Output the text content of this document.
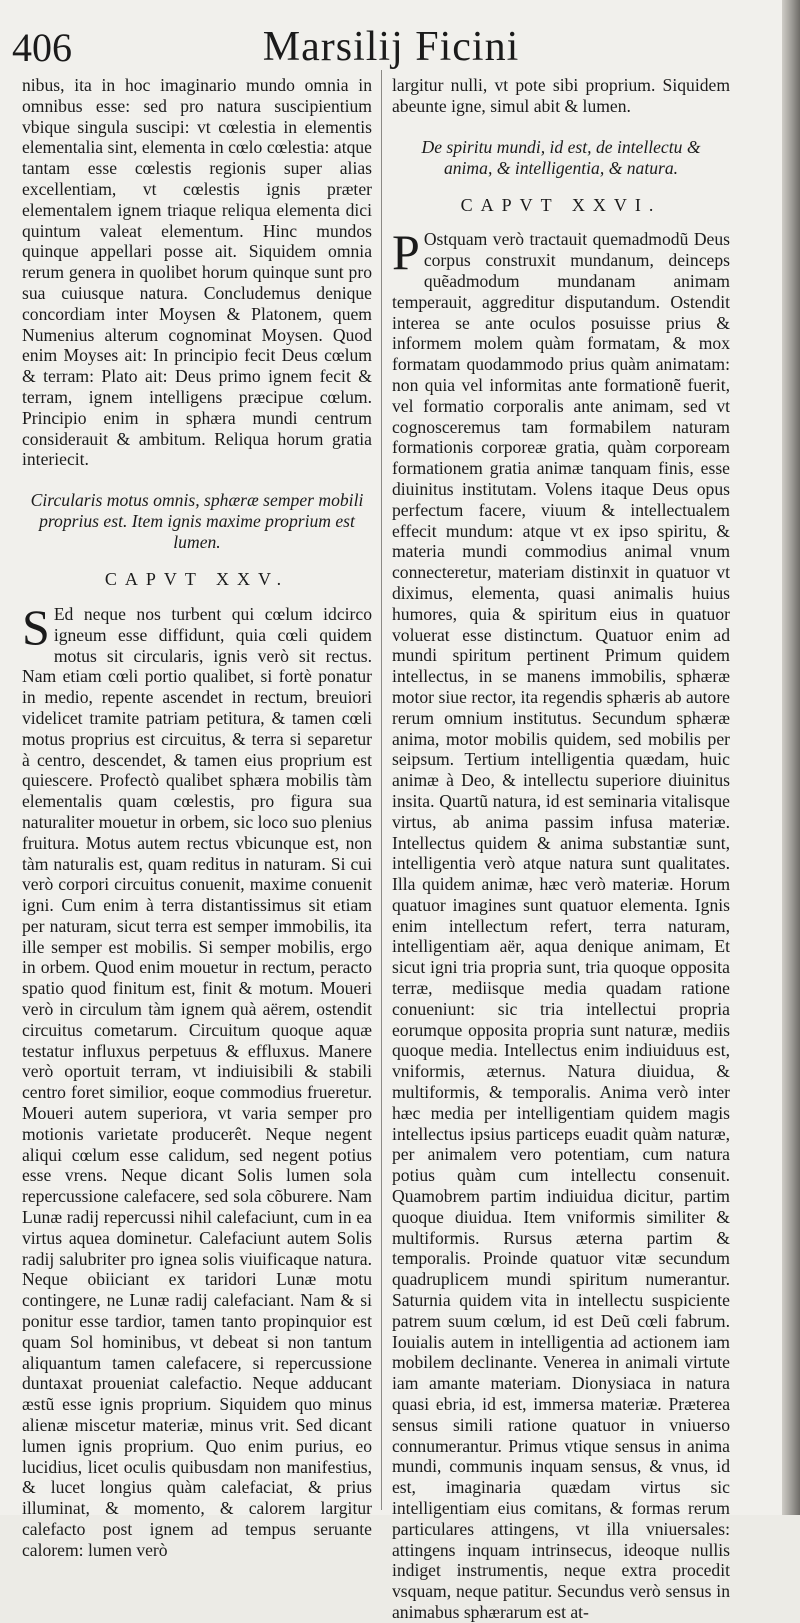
406	Marsilij Ficini

nibus, ita in hoc imaginario mundo omnia in omnibus esse: sed pro natura suscipientium vbique singula suscipi: vt cœlestia in elementis elementalia sint, elementa in cœlo cœlestia: atque tantam esse cœlestis regionis super alias excellentiam, vt cœlestis ignis præter elementalem ignem triaque reliqua elementa dici quintum valeat elementum. Hinc mundos quinque appellari posse ait. Siquidem omnia rerum genera in quolibet horum quinque sunt pro sua cuiusque natura. Concludemus denique concordiam inter Moysen & Platonem, quem Numenius alterum cognominat Moysen. Quod enim Moyses ait: In principio fecit Deus cœlum & terram: Plato ait: Deus primo ignem fecit & terram, ignem intelligens præcipue cœlum. Principio enim in sphæra mundi centrum considerauit & ambitum. Reliqua horum gratia interiecit.

Circularis motus omnis, sphæræ semper mobili proprius est. Item ignis maxime proprium est lumen.

CAPVT XXV.

S Ed neque nos turbent qui cœlum idcirco igneum esse diffidunt, quia cœli quidem motus sit circularis, ignis verò sit rectus. Nam etiam cœli portio qualibet, si fortè ponatur in medio, repente ascendet in rectum, breuiori videlicet tramite patriam petitura, & tamen cœli motus proprius est circuitus, & terra si separetur à centro, descendet, & tamen eius proprium est quiescere. Profectò qualibet sphæra mobilis tàm elementalis quam cœlestis, pro figura sua naturaliter mouetur in orbem, sic loco suo plenius fruitura. Motus autem rectus vbicunque est, non tàm naturalis est, quam reditus in naturam. Si cui verò corpori circuitus conuenit, maxime conuenit igni. Cum enim à terra distantissimus sit etiam per naturam, sicut terra est semper immobilis, ita ille semper est mobilis. Si semper mobilis, ergo in orbem. Quod enim mouetur in rectum, peracto spatio quod finitum est, finit & motum. Moueri verò in circulum tàm ignem quà aërem, ostendit circuitus cometarum. Circuitum quoque aquæ testatur influxus perpetuus & effluxus. Manere verò oportuit terram, vt indiuisibili & stabili centro foret similior, eoque commodius frueretur. Moueri autem superiora, vt varia semper pro motionis varietate producerêt. Neque negent aliqui cœlum esse calidum, sed negent potius esse vrens. Neque dicant Solis lumen sola repercussione calefacere, sed sola cõburere. Nam Lunæ radij repercussi nihil calefaciunt, cum in ea virtus aquea dominetur. Calefaciunt autem Solis radij salubriter pro ignea solis viuificaque natura. Neque obiiciant ex taridori Lunæ motu contingere, ne Lunæ radij calefaciant. Nam & si ponitur esse tardior, tamen tanto propinquior est quam Sol hominibus, vt debeat si non tantum aliquantum tamen calefacere, si repercussione duntaxat proueniat calefactio. Neque adducant æstũ esse ignis proprium. Siquidem quo minus alienæ miscetur materiæ, minus vrit. Sed dicant lumen ignis proprium. Quo enim purius, eo lucidius, licet oculis quibusdam non manifestius, & lucet longius quàm calefaciat, & prius illuminat, & momento, & calorem largitur calefacto post ignem ad tempus seruante calorem: lumen verò

largitur nulli, vt pote sibi proprium. Siquidem abeunte igne, simul abit & lumen.

De spiritu mundi, id est, de intellectu & anima, & intelligentia, & natura.

CAPVT XXVI.

P Ostquam verò tractauit quemadmodũ Deus corpus construxit mundanum, deinceps quẽadmodum mundanam animam temperauit, aggreditur disputandum. Ostendit interea se ante oculos posuisse prius & informem molem quàm formatam, & mox formatam quodammodo prius quàm animatam: non quia vel informitas ante formationẽ fuerit, vel formatio corporalis ante animam, sed vt cognosceremus tam formabilem naturam formationis corporeæ gratia, quàm corpoream formationem gratia animæ tanquam finis, esse diuinitus institutam. Volens itaque Deus opus perfectum facere, viuum & intellectualem effecit mundum: atque vt ex ipso spiritu, & materia mundi commodius animal vnum connecteretur, materiam distinxit in quatuor vt diximus, elementa, quasi animalis huius humores, quia & spiritum eius in quatuor voluerat esse distinctum. Quatuor enim ad mundi spiritum pertinent Primum quidem intellectus, in se manens immobilis, sphæræ motor siue rector, ita regendis sphæris ab autore rerum omnium institutus. Secundum sphæræ anima, motor mobilis quidem, sed mobilis per seipsum. Tertium intelligentia quædam, huic animæ à Deo, & intellectu superiore diuinitus insita. Quartũ natura, id est seminaria vitalisque virtus, ab anima passim infusa materiæ. Intellectus quidem & anima substantiæ sunt, intelligentia verò atque natura sunt qualitates. Illa quidem animæ, hæc verò materiæ. Horum quatuor imagines sunt quatuor elementa. Ignis enim intellectum refert, terra naturam, intelligentiam aër, aqua denique animam, Et sicut igni tria propria sunt, tria quoque opposita terræ, mediisque media quadam ratione conueniunt: sic tria intellectui propria eorumque opposita propria sunt naturæ, mediis quoque media. Intellectus enim indiuiduus est, vniformis, æternus. Natura diuidua, & multiformis, & temporalis. Anima verò inter hæc media per intelligentiam quidem magis intellectus ipsius particeps euadit quàm naturæ, per animalem vero potentiam, cum natura potius quàm cum intellectu consenuit. Quamobrem partim indiuidua dicitur, partim quoque diuidua. Item vniformis similiter & multiformis. Rursus æterna partim & temporalis. Proinde quatuor vitæ secundum quadruplicem mundi spiritum numerantur. Saturnia quidem vita in intellectu suspiciente patrem suum cœlum, id est Deũ cœli fabrum. Iouialis autem in intelligentia ad actionem iam mobilem declinante. Venerea in animali virtute iam amante materiam. Dionysiaca in natura quasi ebria, id est, immersa materiæ. Præterea sensus simili ratione quatuor in vniuerso connumerantur. Primus vtique sensus in anima mundi, communis inquam sensus, & vnus, id est, imaginaria quædam virtus sic intelligentiam eius comitans, & formas rerum particulares attingens, vt illa vniuersales: attingens inquam intrinsecus, ideoque nullis indiget instrumentis, neque extra procedit vsquam, neque patitur. Secundus verò sensus in animabus sphærarum est at-
